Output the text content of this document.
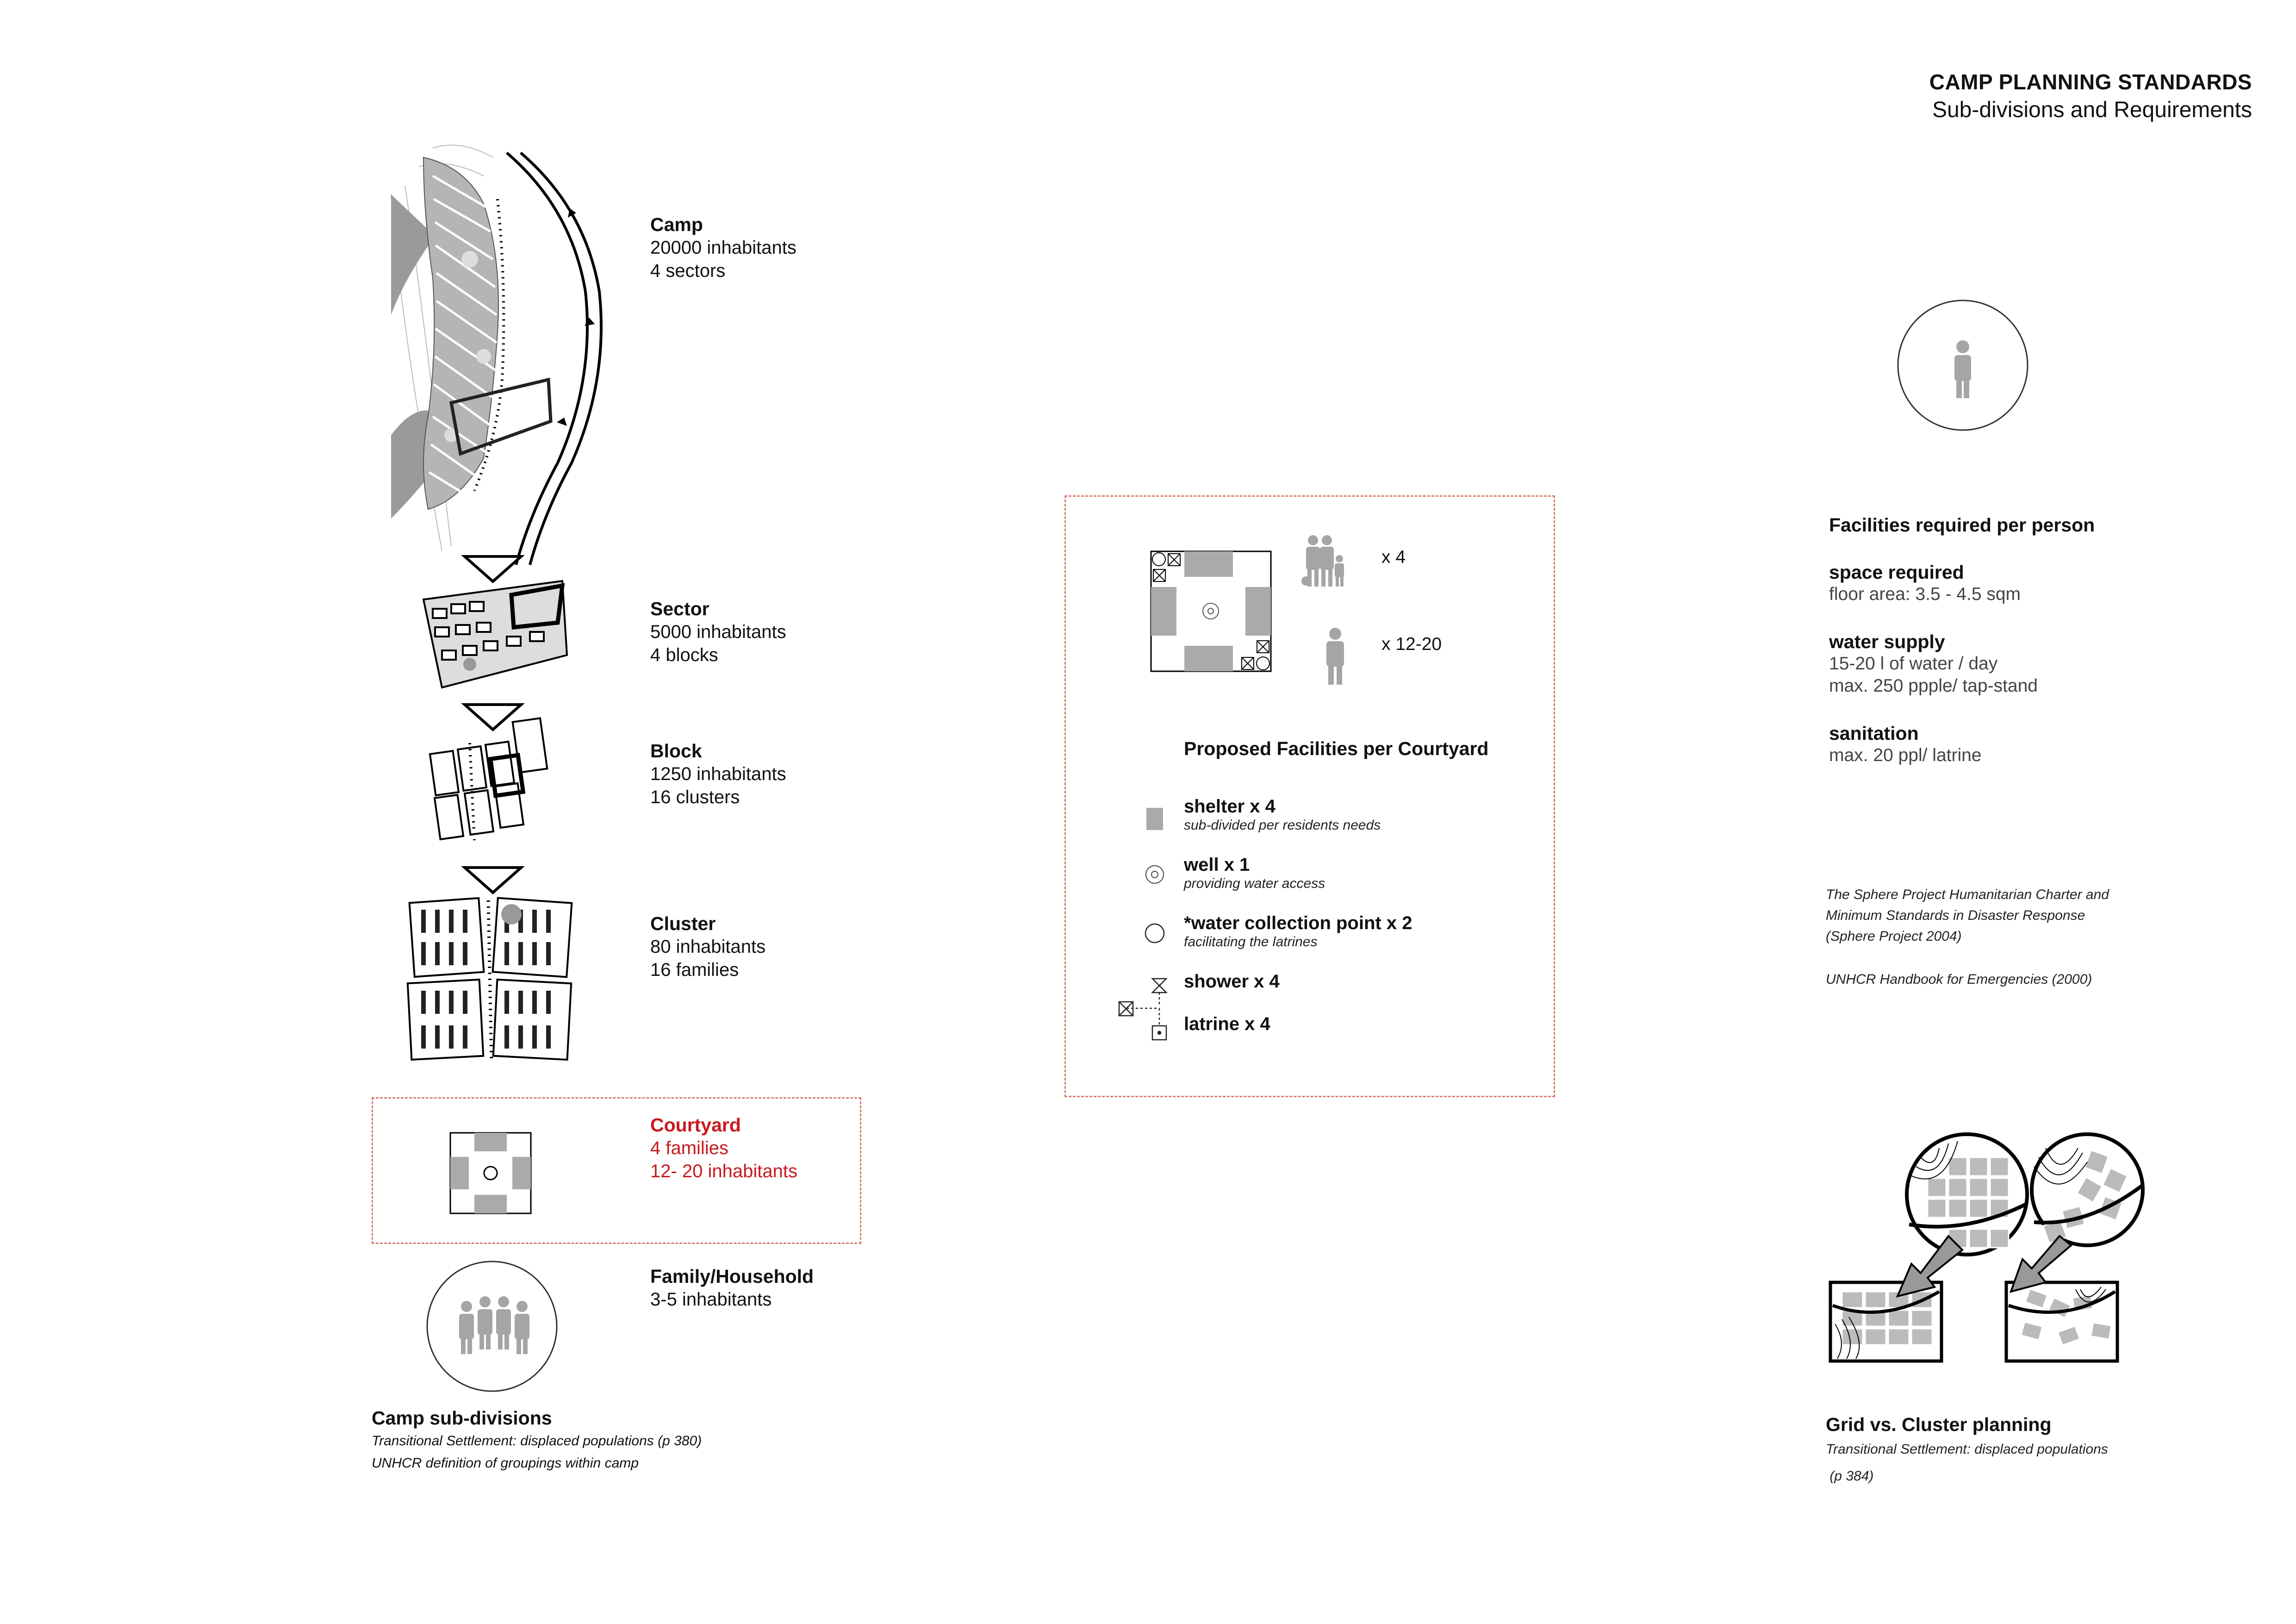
CAMP PLANNING STANDARDS
Sub-divisions and Requirements
Camp
20000 inhabitants
4 sectors
Sector
5000 inhabitants
4 blocks
Block
1250 inhabitants
16 clusters
Cluster
80 inhabitants
16 families
Courtyard
4 families
12- 20 inhabitants
Family/Household
3-5 inhabitants
Camp sub-divisions
Transitional Settlement: displaced populations (p 380)
UNHCR definition of groupings within camp
x 4
x 12-20
Proposed Facilities per Courtyard
shelter x 4
sub-divided per residents needs
well x 1
providing water access
*water collection point x 2
facilitating the latrines
shower x 4
latrine x 4
Facilities required per person
space required
floor area: 3.5 - 4.5 sqm
water supply
15-20 l of water / day
max. 250 ppple/ tap-stand
sanitation
max. 20 ppl/ latrine
The Sphere Project Humanitarian Charter and
Minimum Standards in Disaster Response
(Sphere Project 2004)
UNHCR Handbook for Emergencies (2000)
Grid vs. Cluster planning
Transitional Settlement: displaced populations
(p 384)
